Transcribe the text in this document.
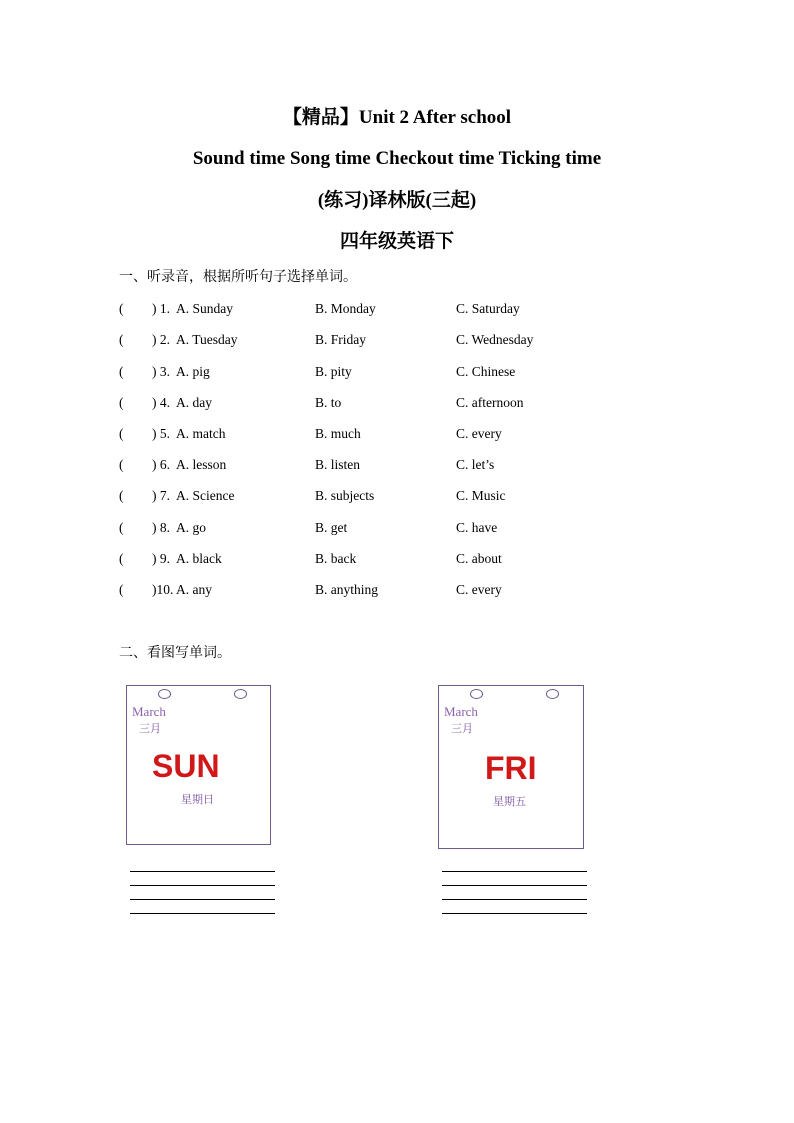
【精品】Unit 2 After school
Sound time Song time Checkout time Ticking time
(练习)译林版(三起)
四年级英语下
一、听录音，根据所听句子选择单词。
( ) 1. A. Sunday	B. Monday	C. Saturday
( ) 2. A. Tuesday	B. Friday	C. Wednesday
( ) 3. A. pig	B. pity	C. Chinese
( ) 4. A. day	B. to	C. afternoon
( ) 5. A. match	B. much	C. every
( ) 6. A. lesson	B. listen	C. let’s
( ) 7. A. Science	B. subjects	C. Music
( ) 8. A. go	B. get	C. have
( ) 9. A. black	B. back	C. about
( )10. A. any	B. anything	C. every
二、看图写单词。
March
三月
SUN
星期日
March
三月
FRI
星期五
